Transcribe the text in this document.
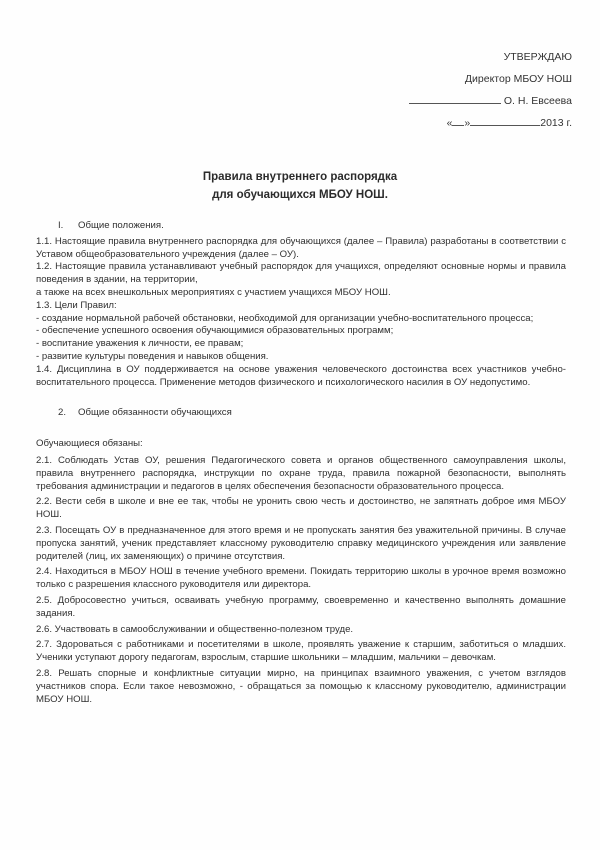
УТВЕРЖДАЮ
Директор МБОУ НОШ
О. Н. Евсеева
« »	2013 г.
Правила внутреннего распорядка
для обучающихся МБОУ НОШ.

I. Общие положения.

1.1. Настоящие правила внутреннего распорядка для обучающихся (далее – Правила) разработаны в соответствии с Уставом общеобразовательного учреждения (далее – ОУ).

1.2. Настоящие правила устанавливают учебный распорядок для учащихся, определяют основные нормы и правила поведения в здании, на территории,

а также на всех внешкольных мероприятиях с участием учащихся МБОУ НОШ.

1.3. Цели Правил:

- создание нормальной рабочей обстановки, необходимой для организации учебно-воспитательного процесса;

- обеспечение успешного освоения обучающимися образовательных программ;

- воспитание уважения к личности, ее правам;

- развитие культуры поведения и навыков общения.

1.4. Дисциплина в ОУ поддерживается на основе уважения человеческого достоинства всех участников учебно-воспитательного процесса. Применение методов физического и психологического насилия в ОУ недопустимо.

2. Общие обязанности обучающихся

Обучающиеся обязаны:

2.1. Соблюдать Устав ОУ, решения Педагогического совета и органов общественного самоуправления школы, правила внутреннего распорядка, инструкции по охране труда, правила пожарной безопасности, выполнять требования администрации и педагогов в целях обеспечения безопасности образовательного процесса.

2.2. Вести себя в школе и вне ее так, чтобы не уронить свою честь и достоинство, не запятнать доброе имя МБОУ НОШ.

2.3. Посещать ОУ в предназначенное для этого время и не пропускать занятия без уважительной причины. В случае пропуска занятий, ученик представляет классному руководителю справку медицинского учреждения или заявление родителей (лиц, их заменяющих) о причине отсутствия.

2.4. Находиться в МБОУ НОШ в течение учебного времени. Покидать территорию школы в урочное время возможно только с разрешения классного руководителя или директора.

2.5. Добросовестно учиться, осваивать учебную программу, своевременно и качественно выполнять домашние задания.

2.6. Участвовать в самообслуживании и общественно-полезном труде.

2.7. Здороваться с работниками и посетителями в школе, проявлять уважение к старшим, заботиться о младших. Ученики уступают дорогу педагогам, взрослым, старшие школьники – младшим, мальчики – девочкам.

2.8. Решать спорные и конфликтные ситуации мирно, на принципах взаимного уважения, с учетом взглядов участников спора. Если такое невозможно, - обращаться за помощью к классному руководителю, администрации МБОУ НОШ.
